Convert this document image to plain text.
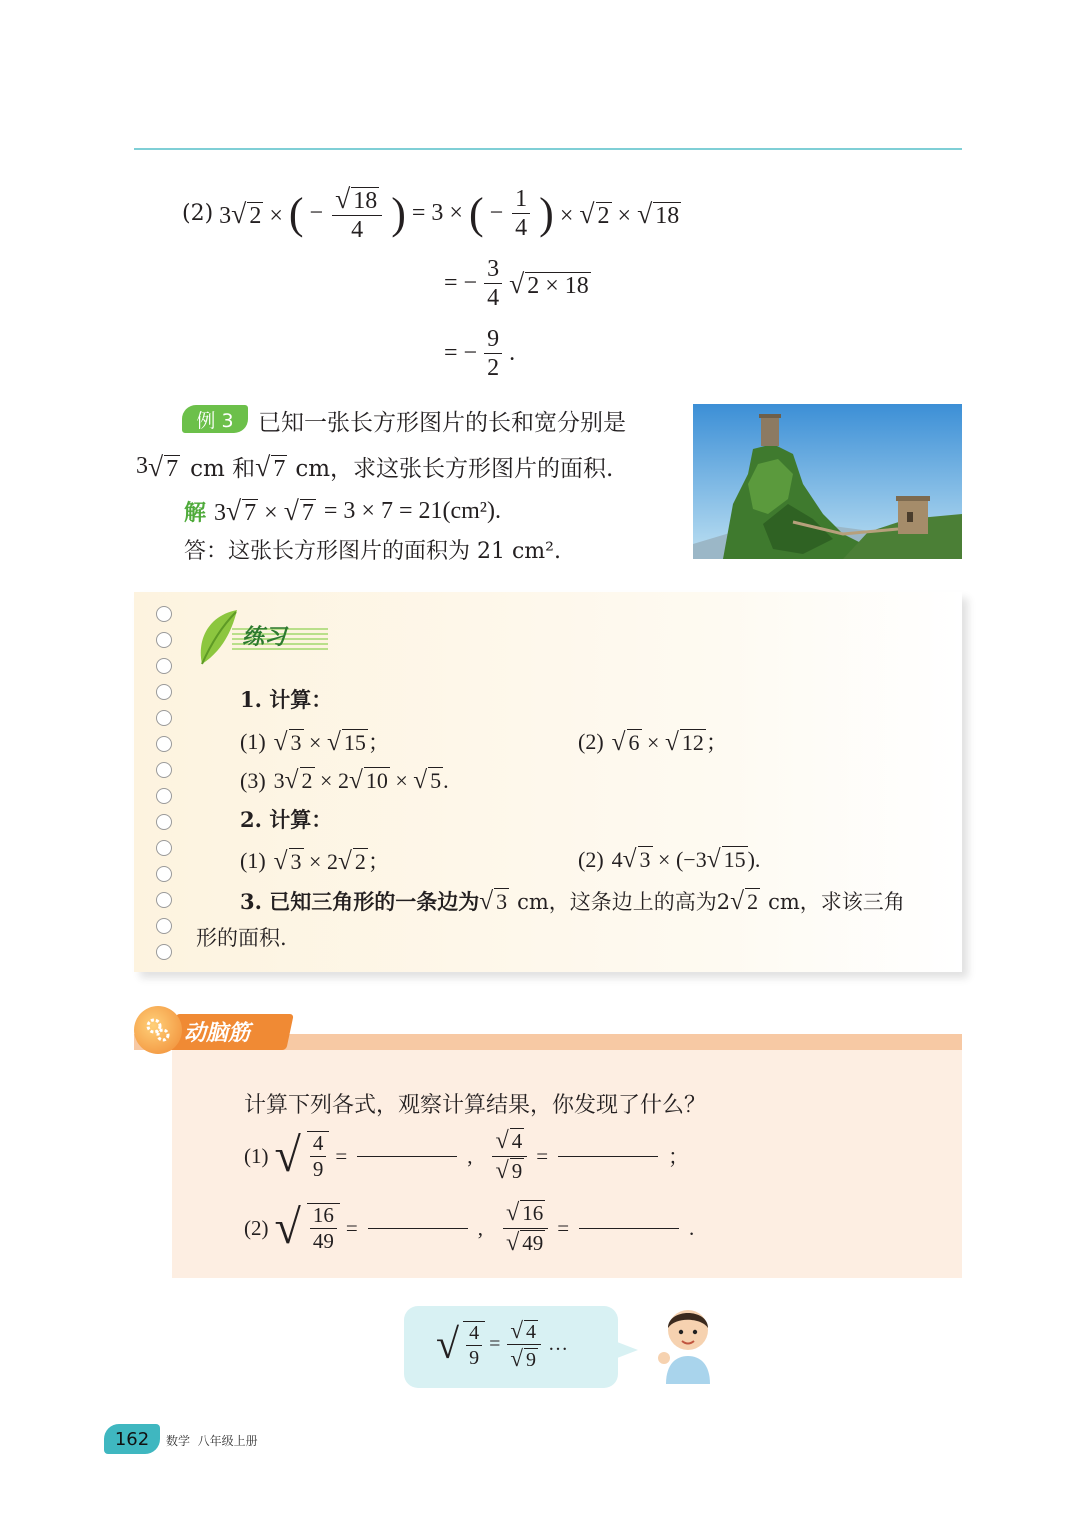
(2) 3√ 2 × ( − $\frac{√ 18}{4}$ ) = 3 × ( − $\frac{1}{4}$ ) × √ 2 × √ 18
= − $\frac{3}{4}$ √ 2 × 18
= − $\frac{9}{2}$ .
例 3 已知一张长方形图片的长和宽分别是
3 √ 7 cm 和 √ 7 cm，求这张长方形图片的面积.
解 3√ 7 × √ 7 = 3 × 7 = 21(cm²).
答：这张长方形图片的面积为 21 cm².
练习
1. 计算：
(1) √ 3 × √ 15；	(2) √ 6 × √ 12；
(3) 3√ 2 × 2√ 10 × √ 5.
2. 计算：
(1) √ 3 × 2√ 2；	(2) 4√ 3 × (−3√ 15).
3. 已知三角形的一条边为 √ 3 cm，这条边上的高为2 √ 2 cm，求该三角
形的面积.
动脑筋
计算下列各式，观察计算结果，你发现了什么？
(1) √ $\frac{4}{9}$ =	, $\frac{√ 4}{√ 9}$ =	；
(2) √ $\frac{16}{49}$ =	, $\frac{√ 16}{√ 49}$ =	.
√ $\frac{4}{9} = \frac{√ 4}{√ 9}$ …
162 数学  八年级上册
